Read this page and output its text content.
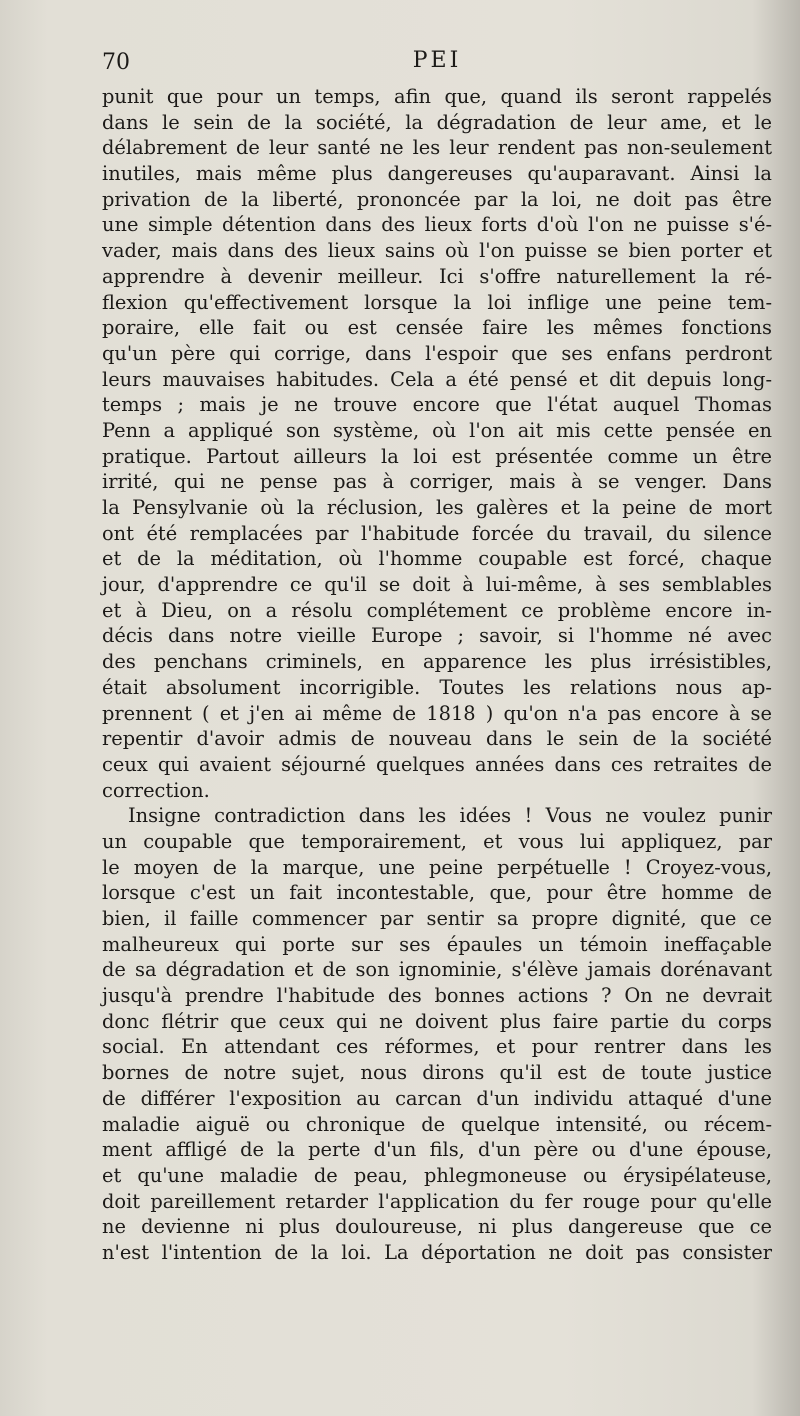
70	PEI
punit que pour un temps, afin que, quand ils seront rappelés
dans le sein de la société, la dégradation de leur ame, et le
délabrement de leur santé ne les leur rendent pas non-seulement
inutiles, mais même plus dangereuses qu'auparavant. Ainsi la
privation de la liberté, prononcée par la loi, ne doit pas être
une simple détention dans des lieux forts d'où l'on ne puisse s'é-
vader, mais dans des lieux sains où l'on puisse se bien porter et
apprendre à devenir meilleur. Ici s'offre naturellement la ré-
flexion qu'effectivement lorsque la loi inflige une peine tem-
poraire, elle fait ou est censée faire les mêmes fonctions
qu'un père qui corrige, dans l'espoir que ses enfans perdront
leurs mauvaises habitudes. Cela a été pensé et dit depuis long-
temps ; mais je ne trouve encore que l'état auquel Thomas
Penn a appliqué son système, où l'on ait mis cette pensée en
pratique. Partout ailleurs la loi est présentée comme un être
irrité, qui ne pense pas à corriger, mais à se venger. Dans
la Pensylvanie où la réclusion, les galères et la peine de mort
ont été remplacées par l'habitude forcée du travail, du silence
et de la méditation, où l'homme coupable est forcé, chaque
jour, d'apprendre ce qu'il se doit à lui-même, à ses semblables
et à Dieu, on a résolu complétement ce problème encore in-
décis dans notre vieille Europe ; savoir, si l'homme né avec
des penchans criminels, en apparence les plus irrésistibles,
était absolument incorrigible. Toutes les relations nous ap-
prennent ( et j'en ai même de 1818 ) qu'on n'a pas encore à se
repentir d'avoir admis de nouveau dans le sein de la société
ceux qui avaient séjourné quelques années dans ces retraites de
correction.
Insigne contradiction dans les idées ! Vous ne voulez punir
un coupable que temporairement, et vous lui appliquez, par
le moyen de la marque, une peine perpétuelle ! Croyez-vous,
lorsque c'est un fait incontestable, que, pour être homme de
bien, il faille commencer par sentir sa propre dignité, que ce
malheureux qui porte sur ses épaules un témoin ineffaçable
de sa dégradation et de son ignominie, s'élève jamais dorénavant
jusqu'à prendre l'habitude des bonnes actions ? On ne devrait
donc flétrir que ceux qui ne doivent plus faire partie du corps
social. En attendant ces réformes, et pour rentrer dans les
bornes de notre sujet, nous dirons qu'il est de toute justice
de différer l'exposition au carcan d'un individu attaqué d'une
maladie aiguë ou chronique de quelque intensité, ou récem-
ment affligé de la perte d'un fils, d'un père ou d'une épouse,
et qu'une maladie de peau, phlegmoneuse ou érysipélateuse,
doit pareillement retarder l'application du fer rouge pour qu'elle
ne devienne ni plus douloureuse, ni plus dangereuse que ce
n'est l'intention de la loi. La déportation ne doit pas consister
